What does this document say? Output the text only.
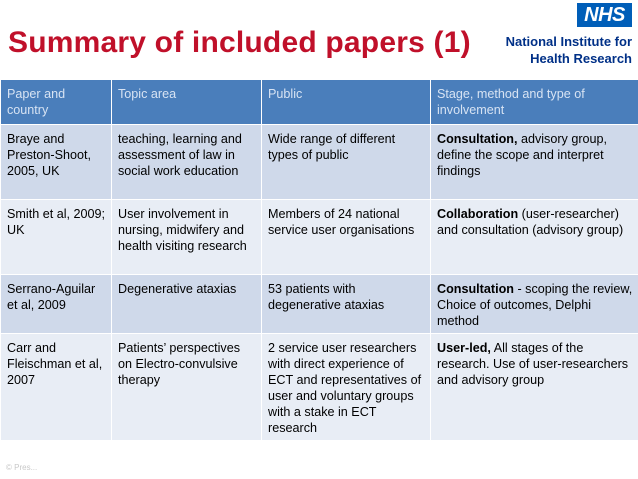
Summary of included papers (1)
NHS
National Institute for
Health Research
Paper and country	Topic area	Public	Stage, method and type of involvement
Braye and Preston-Shoot, 2005, UK	teaching, learning and assessment of law in social work education	Wide range of different types of public	Consultation, advisory group, define the scope and interpret findings
Smith et al, 2009; UK	User involvement in nursing, midwifery and health visiting research	Members of 24 national service user organisations	Collaboration (user-researcher) and consultation (advisory group)
Serrano-Aguilar et al, 2009	Degenerative ataxias	53 patients with degenerative ataxias	Consultation - scoping the review, Choice of outcomes, Delphi method
Carr and Fleischman et al, 2007	Patients’ perspectives on Electro-convulsive therapy	2 service user researchers with direct experience of ECT and representatives of user and voluntary groups with a stake in ECT research	User-led, All stages of the research. Use of user-researchers and advisory group
© Pres...
